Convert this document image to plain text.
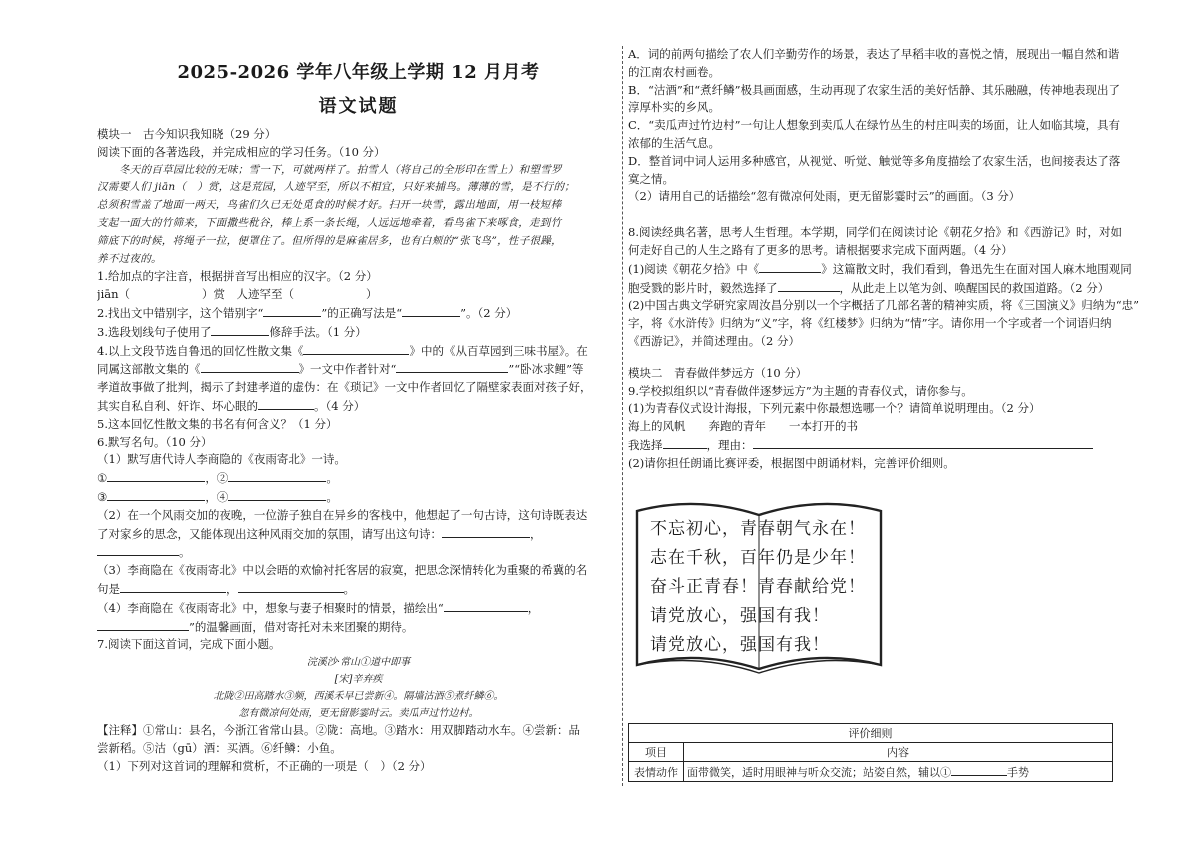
2025-2026 学年八年级上学期 12 月月考
语文试题
模块一　古今知识我知晓（29 分）
阅读下面的各著选段，并完成相应的学习任务。（10 分）
冬天的百草园比较的无味；雪一下，可就两样了。拍雪人（将自己的全形印在雪上）和塑雪罗
汉需要人们 jiān（　）赏，这是荒园，人迹罕至，所以不相宜，只好来捕鸟。薄薄的雪，是不行的；
总须积雪盖了地面一两天，鸟雀们久已无处觅食的时候才好。扫开一块雪，露出地面，用一枝短棒
支起一面大的竹筛来，下面撒些秕谷，棒上系一条长绳，人远远地牵着，看鸟雀下来啄食，走到竹
筛底下的时候，将绳子一拉，便罩住了。但所得的是麻雀居多，也有白颊的“张飞鸟”，性子很躁，
养不过夜的。
1.给加点的字注音，根据拼音写出相应的汉字。（2 分）
jiān（	）赏　人迹罕至（	）
2.找出文中错别字，这个错别字“	”的正确写法是“	”。（2 分）
3.选段划线句子使用了	修辞手法。（1 分）
4.以上文段节选自鲁迅的回忆性散文集《	》中的《从百草园到三味书屋》。在
同属这部散文集的《	》一文中作者针对“	”“卧冰求鲤”等
孝道故事做了批判，揭示了封建孝道的虚伪：在《琐记》一文中作者回忆了隔壁家表面对孩子好，
其实自私自利、奸诈、坏心眼的	。（4 分）
5.这本回忆性散文集的书名有何含义？（1 分）
6.默写名句。（10 分）
（1）默写唐代诗人李商隐的《夜雨寄北》一诗。
①	，②	。
③	，④	。
（2）在一个风雨交加的夜晚，一位游子独自在异乡的客栈中，他想起了一句古诗，这句诗既表达
了对家乡的思念，又能体现出这种风雨交加的氛围，请写出这句诗：	，
。
（3）李商隐在《夜雨寄北》中以会晤的欢愉衬托客居的寂寞，把思念深情转化为重聚的希冀的名
句是	，	。
（4）李商隐在《夜雨寄北》中，想象与妻子相聚时的情景，描绘出“	，
”的温馨画面，借对寄托对未来团聚的期待。
7.阅读下面这首词，完成下面小题。
浣溪沙·常山①道中即事
[宋]辛弃疾
北陇②田高踏水③频，西溪禾早已尝新④。隔墙沽酒⑤煮纤鳞⑥。
忽有微凉何处雨，更无留影霎时云。卖瓜声过竹边村。
【注释】①常山：县名，今浙江省常山县。②陇：高地。③踏水：用双脚踏动水车。④尝新：品
尝新稻。⑤沽（gū）酒：买酒。⑥纤鳞：小鱼。
（1）下列对这首词的理解和赏析，不正确的一项是（　）（2 分）
A．词的前两句描绘了农人们辛勤劳作的场景，表达了早稻丰收的喜悦之情，展现出一幅自然和谐
的江南农村画卷。
B．“沽酒”和“煮纤鳞”极具画面感，生动再现了农家生活的美好恬静、其乐融融，传神地表现出了
淳厚朴实的乡风。
C．“卖瓜声过竹边村”一句让人想象到卖瓜人在绿竹丛生的村庄叫卖的场面，让人如临其境，具有
浓郁的生活气息。
D．整首词中词人运用多种感官，从视觉、听觉、触觉等多角度描绘了农家生活，也间接表达了落
寞之情。
（2）请用自己的话描绘“忽有微凉何处雨，更无留影霎时云”的画面。（3 分）
8.阅读经典名著，思考人生哲理。本学期，同学们在阅读讨论《朝花夕拾》和《西游记》时，对如
何走好自己的人生之路有了更多的思考。请根据要求完成下面两题。（4 分）
(1)阅读《朝花夕拾》中《	》这篇散文时，我们看到，鲁迅先生在面对国人麻木地围观同
胞受戮的影片时，毅然选择了	，从此走上以笔为剑、唤醒国民的救国道路。（2 分）
(2)中国古典文学研究家周汝昌分别以一个字概括了几部名著的精神实质，将《三国演义》归纳为“忠”
字，将《水浒传》归纳为“义”字，将《红楼梦》归纳为“情”字。请你用一个字或者一个词语归纳
《西游记》，并简述理由。（2 分）
模块二　青春做伴梦远方（10 分）
9.学校拟组织以“青春做伴逐梦远方”为主题的青春仪式，请你参与。
(1)为青春仪式设计海报，下列元素中你最想选哪一个？请简单说明理由。（2 分）
海上的风帆　　奔跑的青年　　一本打开的书
我选择	，理由：
(2)请你担任朗诵比赛评委，根据图中朗诵材料，完善评价细则。
不忘初心，青春朝气永在！
志在千秋，百年仍是少年！
奋斗正青春！青春献给党！
请党放心，强国有我！
请党放心，强国有我！
评价细则	
项目	内容
表情动作	面带微笑，适时用眼神与听众交流；站姿自然，辅以① 手势
